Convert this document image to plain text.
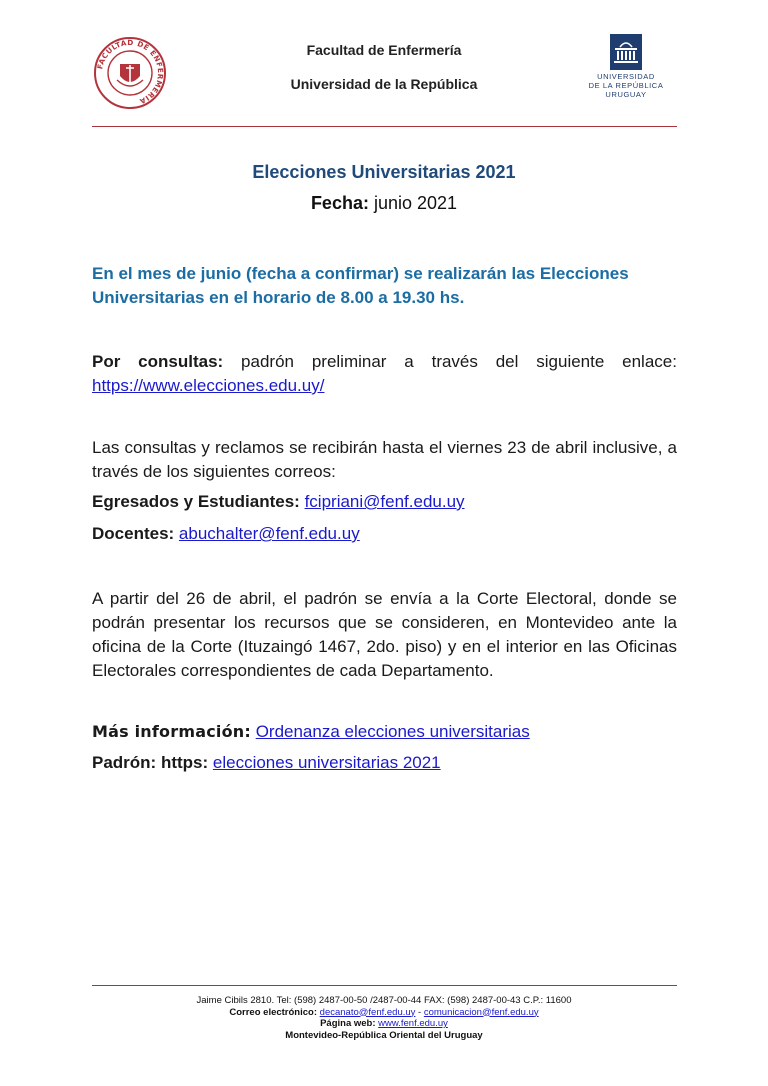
FACULTAD DE ENFERMERIA
Facultad de Enfermería
Universidad de la República	UNIVERSIDAD
DE LA REPÚBLICA
URUGUAY
Elecciones Universitarias 2021
Fecha: junio 2021
En el mes de junio (fecha a confirmar) se realizarán las Elecciones Universitarias en el horario de 8.00 a 19.30 hs.
Por consultas: padrón preliminar a través del siguiente enlace: https://www.elecciones.edu.uy/
Las consultas y reclamos se recibirán hasta el viernes 23 de abril inclusive, a través de los siguientes correos:
Egresados y Estudiantes: fcipriani@fenf.edu.uy
Docentes: abuchalter@fenf.edu.uy
A partir del 26 de abril, el padrón se envía a la Corte Electoral, donde se podrán presentar los recursos que se consideren, en Montevideo ante la oficina de la Corte (Ituzaingó 1467, 2do. piso) y en el interior en las Oficinas Electorales correspondientes de cada Departamento.
Más información: Ordenanza elecciones universitarias
Padrón: https: elecciones universitarias 2021
Jaime Cibils 2810. Tel: (598) 2487-00-50 /2487-00-44 FAX: (598) 2487-00-43 C.P.: 11600
Correo electrónico: decanato@fenf.edu.uy - comunicacion@fenf.edu.uy
Página web: www.fenf.edu.uy
Montevideo-República Oriental del Uruguay
